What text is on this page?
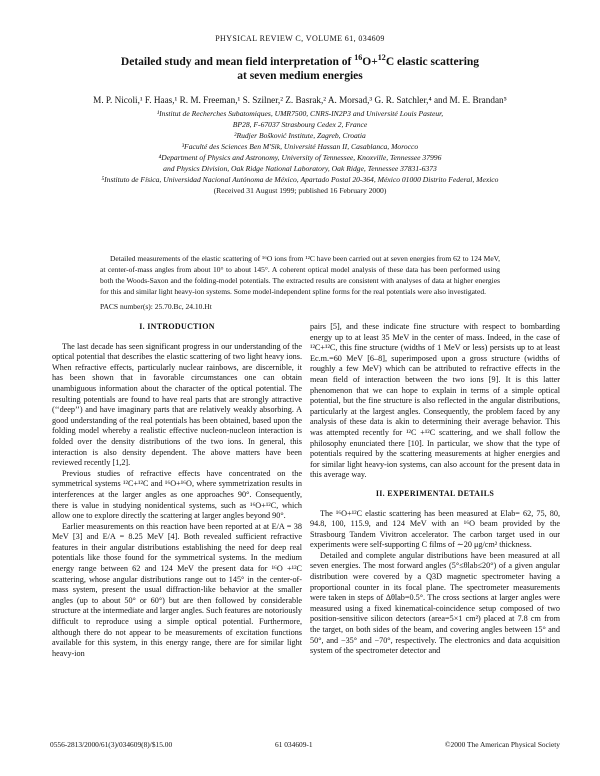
PHYSICAL REVIEW C, VOLUME 61, 034609
Detailed study and mean field interpretation of $^{16}$O+$^{12}$C elastic scattering
at seven medium energies
M. P. Nicoli,¹ F. Haas,¹ R. M. Freeman,¹ S. Szilner,² Z. Basrak,² A. Morsad,³ G. R. Satchler,⁴ and M. E. Brandan⁵
¹Institut de Recherches Subatomiques, UMR7500, CNRS-IN2P3 and Université Louis Pasteur,
BP28, F-67037 Strasbourg Cedex 2, France
²Rudjer Bošković Institute, Zagreb, Croatia
³Faculté des Sciences Ben M'Sik, Université Hassan II, Casablanca, Morocco
⁴Department of Physics and Astronomy, University of Tennessee, Knoxville, Tennessee 37996
and Physics Division, Oak Ridge National Laboratory, Oak Ridge, Tennessee 37831-6373
⁵Instituto de Física, Universidad Nacional Autónoma de México, Apartado Postal 20-364, México 01000 Distrito Federal, Mexico
(Received 31 August 1999; published 16 February 2000)

Detailed measurements of the elastic scattering of ¹⁶O ions from ¹²C have been carried out at seven energies from 62 to 124 MeV, at center-of-mass angles from about 10° to about 145°. A coherent optical model analysis of these data has been performed using both the Woods-Saxon and the folding-model potentials. The extracted results are consistent with analyses of data at higher energies for this and similar light heavy-ion systems. Some model-independent spline forms for the real potentials were also investigated.

PACS number(s): 25.70.Bc, 24.10.Ht
I. INTRODUCTION

The last decade has seen significant progress in our understanding of the optical potential that describes the elastic scattering of two light heavy ions. When refractive effects, particularly nuclear rainbows, are discernible, it has been shown that in favorable circumstances one can obtain unambiguous information about the character of the optical potential. The resulting potentials are found to have real parts that are strongly attractive (‘‘deep’’) and have imaginary parts that are relatively weakly absorbing. A good understanding of the real potentials has been obtained, based upon the folding model whereby a realistic effective nucleon-nucleon interaction is folded over the density distributions of the two ions. In general, this interaction is also density dependent. The above matters have been reviewed recently [1,2].

Previous studies of refractive effects have concentrated on the symmetrical systems ¹²C+¹²C and ¹⁶O+¹⁶O, where symmetrization results in interferences at the larger angles as one approaches 90°. Consequently, there is value in studying nonidentical systems, such as ¹⁶O+¹²C, which allow one to explore directly the scattering at larger angles beyond 90°.

Earlier measurements on this reaction have been reported at at E/A = 38 MeV [3] and E/A = 8.25 MeV [4]. Both revealed sufficient refractive features in their angular distributions establishing the need for deep real potentials like those found for the symmetrical systems. In the medium energy range between 62 and 124 MeV the present data for ¹⁶O +¹²C scattering, whose angular distributions range out to 145° in the center-of-mass system, present the usual diffraction-like behavior at the smaller angles (up to about 50° or 60°) but are then followed by considerable structure at the intermediate and larger angles. Such features are notoriously difficult to reproduce using a simple optical potential. Furthermore, although there do not appear to be measurements of excitation functions available for this system, in this energy range, there are for similar light heavy-ion

pairs [5], and these indicate fine structure with respect to bombarding energy up to at least 35 MeV in the center of mass. Indeed, in the case of ¹²C+¹²C, this fine structure (widths of 1 MeV or less) persists up to at least Ec.m.=60 MeV [6–8], superimposed upon a gross structure (widths of roughly a few MeV) which can be attributed to refractive effects in the mean field of interaction between the two ions [9]. It is this latter phenomenon that we can hope to explain in terms of a simple optical potential, but the fine structure is also reflected in the angular distributions, particularly at the largest angles. Consequently, the problem faced by any analysis of these data is akin to determining their average behavior. This was attempted recently for ¹²C +¹²C scattering, and we shall follow the philosophy enunciated there [10]. In particular, we show that the type of potentials required by the scattering measurements at higher energies and for similar light heavy-ion systems, can also account for the present data in this average way.

II. EXPERIMENTAL DETAILS

The ¹⁶O+¹²C elastic scattering has been measured at Elab= 62, 75, 80, 94.8, 100, 115.9, and 124 MeV with an ¹⁶O beam provided by the Strasbourg Tandem Vivitron accelerator. The carbon target used in our experiments were self-supporting C films of ∼20 μg/cm² thickness.

Detailed and complete angular distributions have been measured at all seven energies. The most forward angles (5°≤θlab≤20°) of a given angular distribution were covered by a Q3D magnetic spectrometer having a proportional counter in its focal plane. The spectrometer measurements were taken in steps of Δθlab=0.5°. The cross sections at larger angles were measured using a fixed kinematical-coincidence setup composed of two position-sensitive silicon detectors (area=5×1 cm²) placed at 7.8 cm from the target, on both sides of the beam, and covering angles between 15° and 50°, and −35° and −70°, respectively. The electronics and data acquisition system of the spectrometer detector and

0556-2813/2000/61(3)/034609(8)/$15.00	61 034609-1	©2000 The American Physical Society
